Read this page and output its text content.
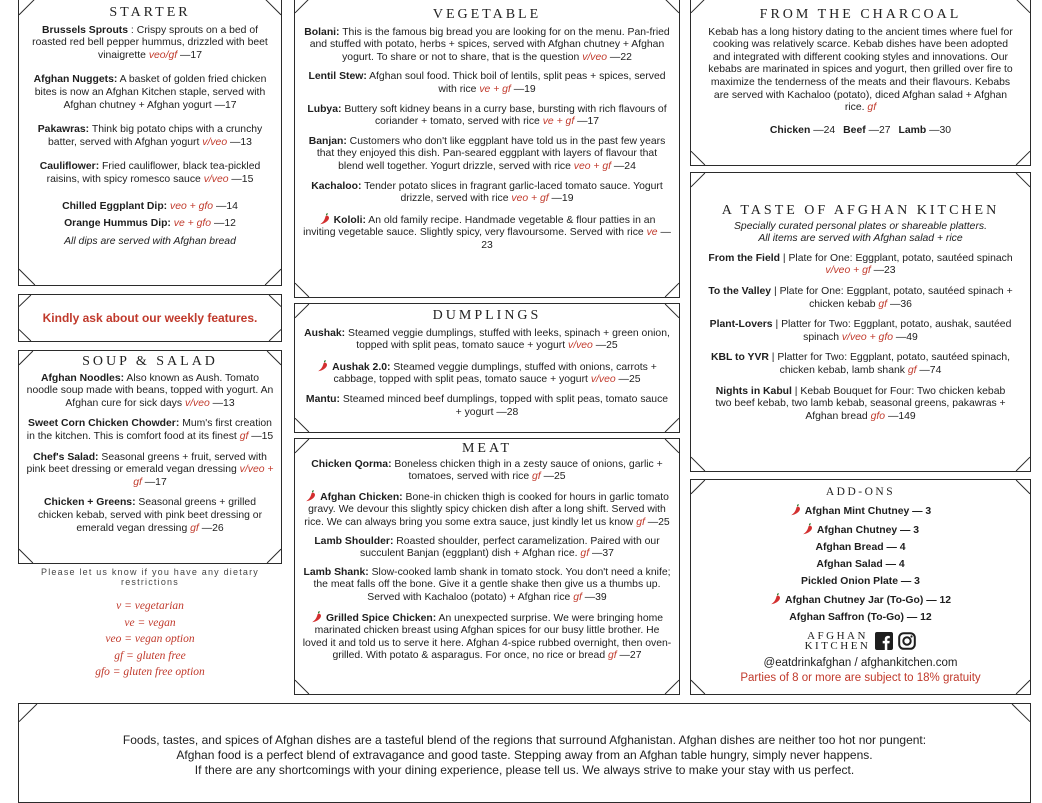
STARTER
Brussels Sprouts : Crispy sprouts on a bed of roasted red bell pepper hummus, drizzled with beet vinaigrette veo/gf —17
Afghan Nuggets: A basket of golden fried chicken bites is now an Afghan Kitchen staple, served with Afghan chutney + Afghan yogurt —17
Pakawras: Think big potato chips with a crunchy batter, served with Afghan yogurt v/veo —13
Cauliflower: Fried cauliflower, black tea-pickled raisins, with spicy romesco sauce v/veo —15
Chilled Eggplant Dip: veo + gfo —14
Orange Hummus Dip: ve + gfo —12
All dips are served with Afghan bread
Kindly ask about our weekly features.
SOUP & SALAD
Afghan Noodles: Also known as Aush. Tomato noodle soup made with beans, topped with yogurt. An Afghan cure for sick days v/veo —13
Sweet Corn Chicken Chowder: Mum's first creation in the kitchen. This is comfort food at its finest gf —15
Chef's Salad: Seasonal greens + fruit, served with pink beet dressing or emerald vegan dressing v/veo + gf —17
Chicken + Greens: Seasonal greens + grilled chicken kebab, served with pink beet dressing or emerald vegan dressing gf —26
Please let us know if you have any dietary restrictions
v = vegetarian
ve = vegan
veo = vegan option
gf = gluten free
gfo = gluten free option
VEGETABLE
Bolani: This is the famous big bread you are looking for on the menu. Pan-fried and stuffed with potato, herbs + spices, served with Afghan chutney + Afghan yogurt. To share or not to share, that is the question v/veo —22
Lentil Stew: Afghan soul food. Thick boil of lentils, split peas + spices, served with rice ve + gf —19
Lubya: Buttery soft kidney beans in a curry base, bursting with rich flavours of coriander + tomato, served with rice ve + gf —17
Banjan: Customers who don't like eggplant have told us in the past few years that they enjoyed this dish. Pan-seared eggplant with layers of flavour that blend well together. Yogurt drizzle, served with rice veo + gf —24
Kachaloo: Tender potato slices in fragrant garlic-laced tomato sauce. Yogurt drizzle, served with rice veo + gf —19
Kololi: An old family recipe. Handmade vegetable & flour patties in an inviting vegetable sauce. Slightly spicy, very flavoursome. Served with rice ve —23
DUMPLINGS
Aushak: Steamed veggie dumplings, stuffed with leeks, spinach + green onion, topped with split peas, tomato sauce + yogurt v/veo —25
Aushak 2.0: Steamed veggie dumplings, stuffed with onions, carrots + cabbage, topped with split peas, tomato sauce + yogurt v/veo —25
Mantu: Steamed minced beef dumplings, topped with split peas, tomato sauce + yogurt —28
MEAT
Chicken Qorma: Boneless chicken thigh in a zesty sauce of onions, garlic + tomatoes, served with rice gf —25
Afghan Chicken: Bone-in chicken thigh is cooked for hours in garlic tomato gravy. We devour this slightly spicy chicken dish after a long shift. Served with rice. We can always bring you some extra sauce, just kindly let us know gf —25
Lamb Shoulder: Roasted shoulder, perfect caramelization. Paired with our succulent Banjan (eggplant) dish + Afghan rice. gf —37
Lamb Shank: Slow-cooked lamb shank in tomato stock. You don't need a knife; the meat falls off the bone. Give it a gentle shake then give us a thumbs up. Served with Kachaloo (potato) + Afghan rice gf —39
Grilled Spice Chicken: An unexpected surprise. We were bringing home marinated chicken breast using Afghan spices for our busy little brother. He loved it and told us to serve it here. Afghan 4-spice rubbed overnight, then oven-grilled. With potato & asparagus. For once, no rice or bread gf —27
FROM THE CHARCOAL
Kebab has a long history dating to the ancient times where fuel for cooking was relatively scarce. Kebab dishes have been adopted and integrated with different cooking styles and innovations. Our kebabs are marinated in spices and yogurt, then grilled over fire to maximize the tenderness of the meats and their flavours. Kebabs are served with Kachaloo (potato), diced Afghan salad + Afghan rice. gf
Chicken —24 Beef —27 Lamb —30
A TASTE OF AFGHAN KITCHEN
Specially curated personal plates or shareable platters.
All items are served with Afghan salad + rice
From the Field | Plate for One: Eggplant, potato, sautéed spinach v/veo + gf —23
To the Valley | Plate for One: Eggplant, potato, sautéed spinach + chicken kebab gf —36
Plant-Lovers | Platter for Two: Eggplant, potato, aushak, sautéed spinach v/veo + gfo —49
KBL to YVR | Platter for Two: Eggplant, potato, sautéed spinach, chicken kebab, lamb shank gf —74
Nights in Kabul | Kebab Bouquet for Four: Two chicken kebab two beef kebab, two lamb kebab, seasonal greens, pakawras + Afghan bread gfo —149
ADD-ONS
Afghan Mint Chutney — 3
Afghan Chutney — 3
Afghan Bread — 4
Afghan Salad — 4
Pickled Onion Plate — 3
Afghan Chutney Jar (To-Go) — 12
Afghan Saffron (To-Go) — 12
AFGHAN
KITCHEN
@eatdrinkafghan / afghankitchen.com
Parties of 8 or more are subject to 18% gratuity
Foods, tastes, and spices of Afghan dishes are a tasteful blend of the regions that surround Afghanistan. Afghan dishes are neither too hot nor pungent:
Afghan food is a perfect blend of extravagance and good taste. Stepping away from an Afghan table hungry, simply never happens.
If there are any shortcomings with your dining experience, please tell us. We always strive to make your stay with us perfect.
